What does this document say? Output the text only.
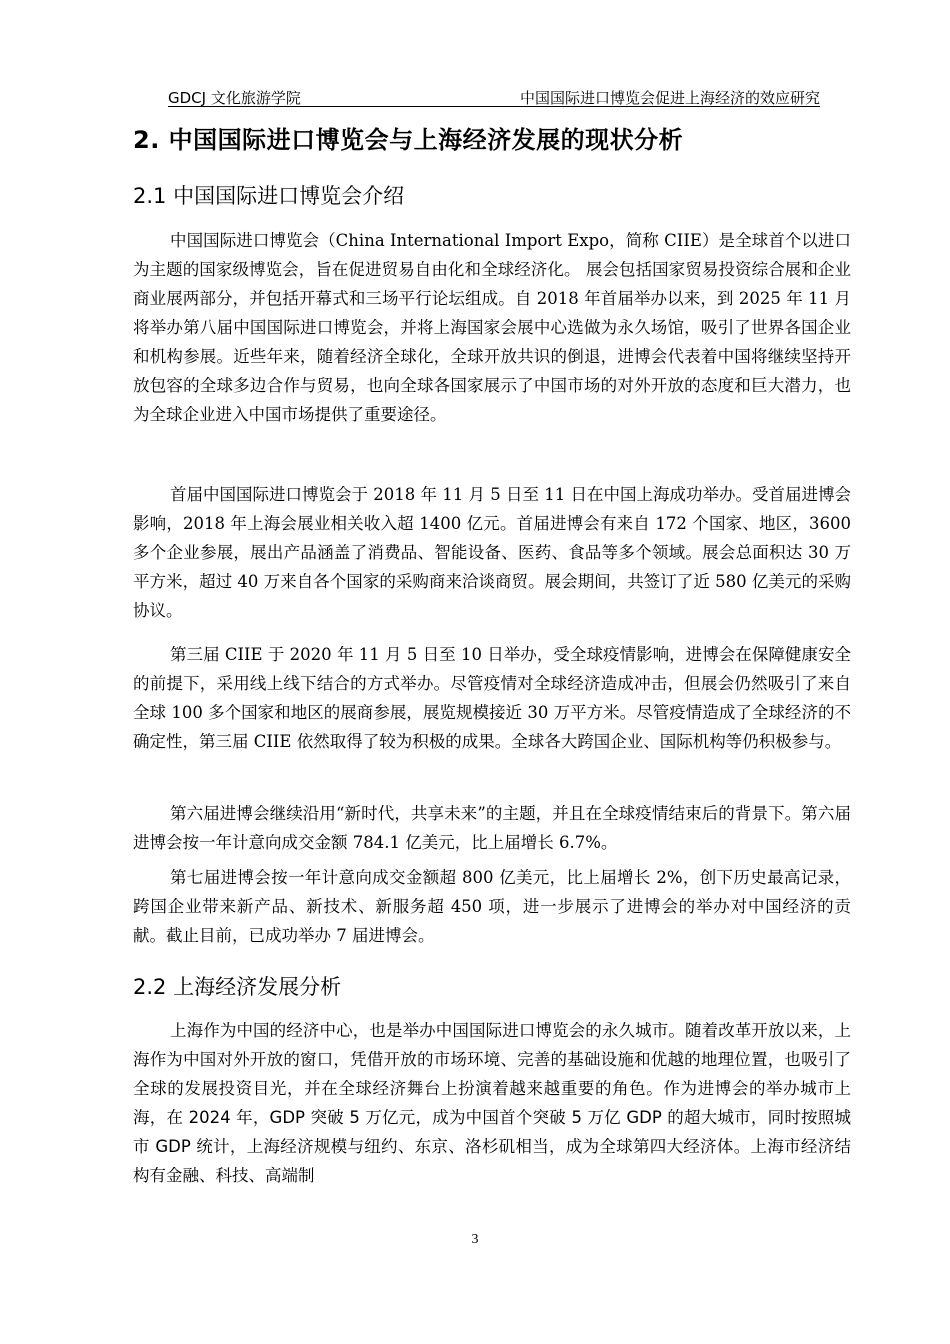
GDCJ 文化旅游学院	中国国际进口博览会促进上海经济的效应研究
2. 中国国际进口博览会与上海经济发展的现状分析
2.1 中国国际进口博览会介绍

中国国际进口博览会（China International Import Expo，简称 CIIE）是全球首个以进口为主题的国家级博览会，旨在促进贸易自由化和全球经济化。 展会包括国家贸易投资综合展和企业商业展两部分，并包括开幕式和三场平行论坛组成。自 2018 年首届举办以来，到 2025 年 11 月将举办第八届中国国际进口博览会，并将上海国家会展中心选做为永久场馆，吸引了世界各国企业和机构参展。近些年来，随着经济全球化，全球开放共识的倒退，进博会代表着中国将继续坚持开放包容的全球多边合作与贸易，也向全球各国家展示了中国市场的对外开放的态度和巨大潜力，也为全球企业进入中国市场提供了重要途径。

首届中国国际进口博览会于 2018 年 11 月 5 日至 11 日在中国上海成功举办。受首届进博会影响，2018 年上海会展业相关收入超 1400 亿元。首届进博会有来自 172 个国家、地区，3600 多个企业参展，展出产品涵盖了消费品、智能设备、医药、食品等多个领域。展会总面积达 30 万平方米，超过 40 万来自各个国家的采购商来洽谈商贸。展会期间，共签订了近 580 亿美元的采购协议。

第三届 CIIE 于 2020 年 11 月 5 日至 10 日举办，受全球疫情影响，进博会在保障健康安全的前提下，采用线上线下结合的方式举办。尽管疫情对全球经济造成冲击，但展会仍然吸引了来自全球 100 多个国家和地区的展商参展，展览规模接近 30 万平方米。尽管疫情造成了全球经济的不确定性，第三届 CIIE 依然取得了较为积极的成果。全球各大跨国企业、国际机构等仍积极参与。

第六届进博会继续沿用“新时代，共享未来”的主题，并且在全球疫情结束后的背景下。第六届进博会按一年计意向成交金额 784.1 亿美元，比上届增长 6.7%。

第七届进博会按一年计意向成交金额超 800 亿美元，比上届增长 2%，创下历史最高记录，跨国企业带来新产品、新技术、新服务超 450 项，进一步展示了进博会的举办对中国经济的贡献。截止目前，已成功举办 7 届进博会。

2.2 上海经济发展分析

上海作为中国的经济中心，也是举办中国国际进口博览会的永久城市。随着改革开放以来，上海作为中国对外开放的窗口，凭借开放的市场环境、完善的基础设施和优越的地理位置，也吸引了全球的发展投资目光，并在全球经济舞台上扮演着越来越重要的角色。作为进博会的举办城市上海，在 2024 年，GDP 突破 5 万亿元，成为中国首个突破 5 万亿 GDP 的超大城市，同时按照城市 GDP 统计，上海经济规模与纽约、东京、洛杉矶相当，成为全球第四大经济体。上海市经济结构有金融、科技、高端制

3
